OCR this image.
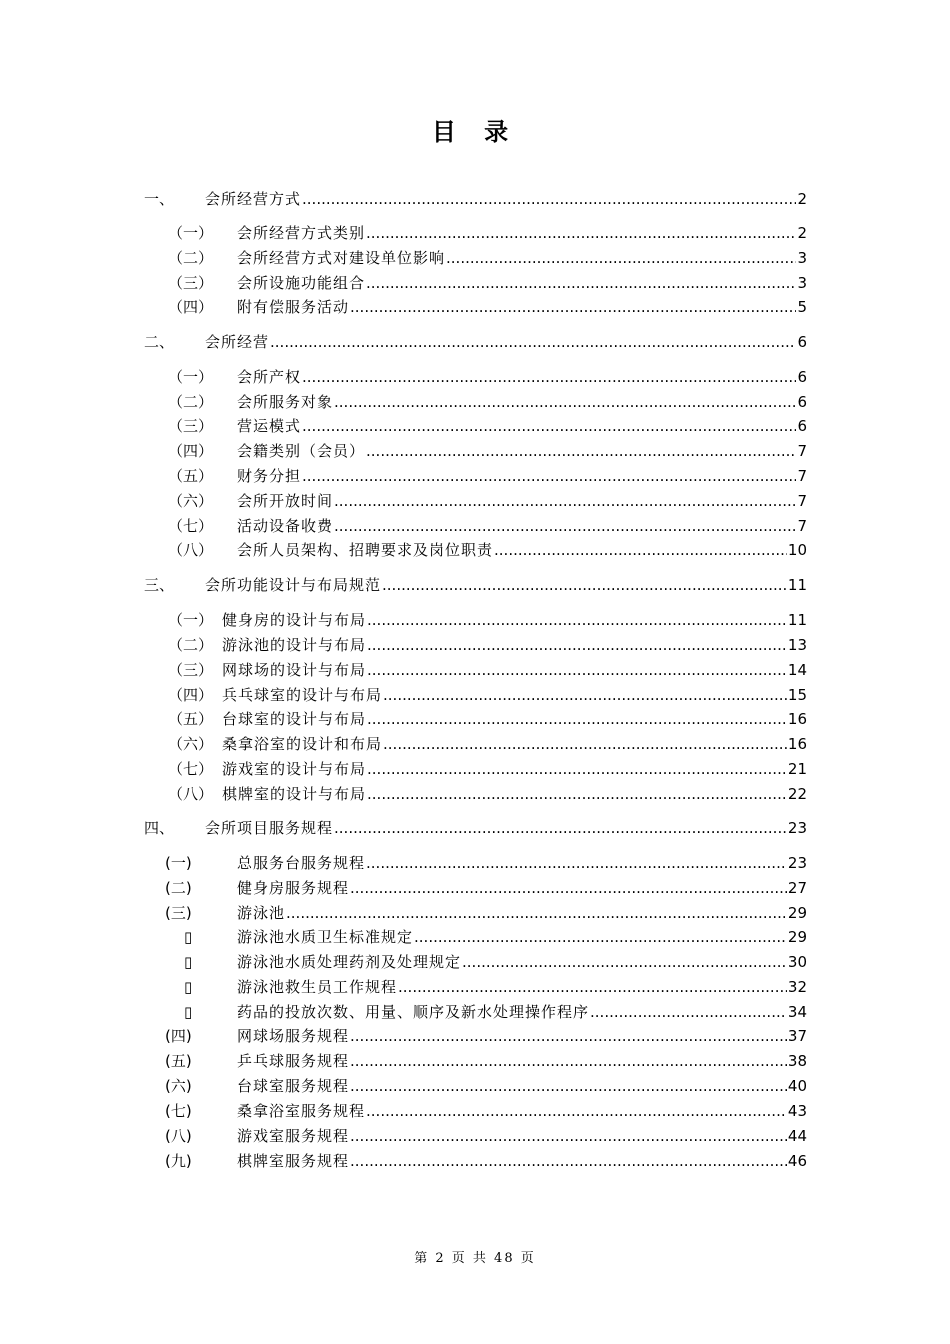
目 录
一、 会所经营方式 .....	2
（一） 会所经营方式类别 .....	2
（二） 会所经营方式对建设单位影响 .....	3
（三） 会所设施功能组合 .....	3
（四） 附有偿服务活动 .....	5
二、 会所经营 .....	6
（一） 会所产权 .....	6
（二） 会所服务对象 .....	6
（三） 营运模式 .....	6
（四） 会籍类别（会员） .....	7
（五） 财务分担 .....	7
（六） 会所开放时间 .....	7
（七） 活动设备收费 .....	7
（八） 会所人员架构、招聘要求及岗位职责 .....	10
三、 会所功能设计与布局规范 .....	11
（一） 健身房的设计与布局 .....	11
（二） 游泳池的设计与布局 .....	13
（三） 网球场的设计与布局 .....	14
（四） 兵乓球室的设计与布局 .....	15
（五） 台球室的设计与布局 .....	16
（六） 桑拿浴室的设计和布局 .....	16
（七） 游戏室的设计与布局 .....	21
（八） 棋牌室的设计与布局 .....	22
四、 会所项目服务规程 .....	23
(一)	总服务台服务规程 .....	23
(二)	健身房服务规程 .....	27
(三)	游泳池 .....	29
▯	游泳池水质卫生标准规定 .....	29
▯	游泳池水质处理药剂及处理规定 .....	30
▯	游泳池救生员工作规程 .....	32
▯	药品的投放次数、用量、顺序及新水处理操作程序 .....	34
(四)	网球场服务规程 .....	37
(五)	乒乓球服务规程 .....	38
(六)	台球室服务规程 .....	40
(七)	桑拿浴室服务规程 .....	43
(八)	游戏室服务规程 .....	44
(九)	棋牌室服务规程 .....	46
第 2 页 共 48 页
